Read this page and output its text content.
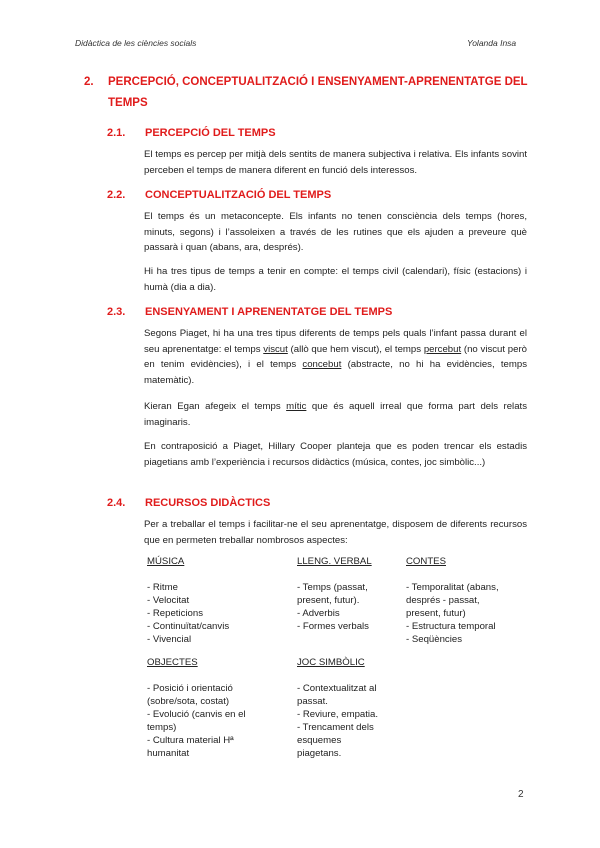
Didàctica de les ciències socials	Yolanda Insa
2. PERCEPCIÓ, CONCEPTUALITZACIÓ I ENSENYAMENT-APRENENTATGE DEL TEMPS
2.1. PERCEPCIÓ DEL TEMPS
El temps es percep per mitjà dels sentits de manera subjectiva i relativa. Els infants sovint perceben el temps de manera diferent en funció dels interessos.
2.2. CONCEPTUALITZACIÓ DEL TEMPS
El temps és un metaconcepte. Els infants no tenen consciència dels temps (hores, minuts, segons) i l’assoleixen a través de les rutines que els ajuden a preveure què passarà i quan (abans, ara, després).
Hi ha tres tipus de temps a tenir en compte: el temps civil (calendari), físic (estacions) i humà (dia a dia).
2.3. ENSENYAMENT I APRENENTATGE DEL TEMPS
Segons Piaget, hi ha una tres tipus diferents de temps pels quals l’infant passa durant el seu aprenentatge: el temps viscut (allò que hem viscut), el temps percebut (no viscut però en tenim evidències), i el temps concebut (abstracte, no hi ha evidències, temps matemàtic).
Kieran Egan afegeix el temps mític que és aquell irreal que forma part dels relats imaginaris.
En contraposició a Piaget, Hillary Cooper planteja que es poden trencar els estadis piagetians amb l’experiència i recursos didàctics (música, contes, joc simbòlic...)
2.4. RECURSOS DIDÀCTICS
Per a treballar el temps i facilitar-ne el seu aprenentatge, disposem de diferents recursos que en permeten treballar nombrosos aspectes:
MÚSICA
- Ritme
- Velocitat
- Repeticions
- Continuïtat/canvis
- Vivencial
LLENG. VERBAL
- Temps (passat,
present, futur).
- Adverbis
- Formes verbals
CONTES
- Temporalitat (abans,
després - passat,
present, futur)
- Estructura temporal
- Seqüències
OBJECTES
- Posició i orientació
(sobre/sota, costat)
- Evolució (canvis en el
temps)
- Cultura material Hª
humanitat
JOC SIMBÒLIC
- Contextualitzat al
passat.
- Reviure, empatia.
- Trencament dels
esquemes
piagetans.
2
